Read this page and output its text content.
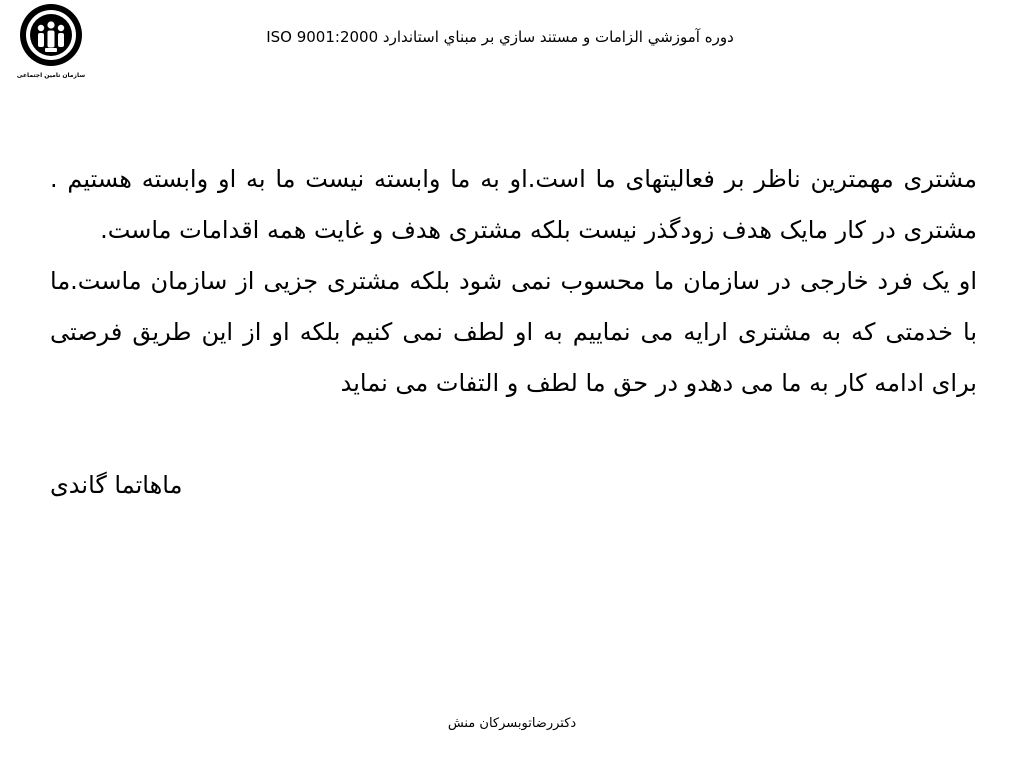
سازمان تامین اجتماعی
دوره آموزشي الزامات و مستند سازي بر مبناي استاندارد ISO 9001:2000

مشتری مهمترین ناظر بر فعالیتهای ما است.او به ما وابسته نیست ما به او وابسته هستیم . مشتری در کار مایک هدف زودگذر نیست بلکه مشتری هدف و غایت همه اقدامات ماست.

او یک فرد خارجی در سازمان ما محسوب نمی شود بلکه مشتری جزیی از سازمان ماست.ما با خدمتی که به مشتری ارایه می نماییم به او لطف نمی کنیم بلکه او از این طریق فرصتی برای ادامه کار به ما می دهدو در حق ما لطف و التفات می نماید

ماهاتما گاندی
دکتررضاتوبسرکان منش
